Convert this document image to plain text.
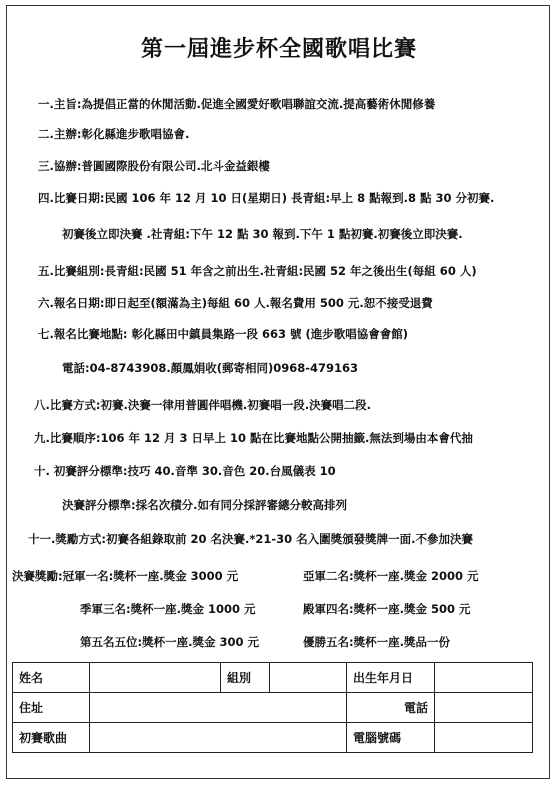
第一屆進步杯全國歌唱比賽
一.主旨:為提倡正當的休閒活動.促進全國愛好歌唱聯誼交流.提高藝術休閒修養
二.主辦:彰化縣進步歌唱協會.
三.協辦:普圓國際股份有限公司.北斗金益銀樓
四.比賽日期:民國 106 年 12 月 10 日(星期日) 長青組:早上 8 點報到.8 點 30 分初賽.
初賽後立即決賽 .社青組:下午 12 點 30 報到.下午 1 點初賽.初賽後立即決賽.
五.比賽組別:長青組:民國 51 年含之前出生.社青組:民國 52 年之後出生(每組 60 人)
六.報名日期:即日起至(額滿為主)每組 60 人.報名費用 500 元.恕不接受退費
七.報名比賽地點: 彰化縣田中鎮員集路一段 663 號 (進步歌唱協會會館)
電話:04-8743908.顏鳳娟收(郵寄相同)0968-479163
八.比賽方式:初賽.決賽一律用普圓伴唱機.初賽唱一段.決賽唱二段.
九.比賽順序:106 年 12 月 3 日早上 10 點在比賽地點公開抽籤.無法到場由本會代抽
十. 初賽評分標準:技巧 40.音準 30.音色 20.台風儀表 10
決賽評分標準:採名次積分.如有同分採評審總分較高排列
十一.獎勵方式:初賽各組錄取前 20 名決賽.*21-30 名入圍獎頒發獎牌一面.不參加決賽
決賽獎勵:冠軍一名:獎杯一座.獎金 3000 元	亞軍二名:獎杯一座.獎金 2000 元
季軍三名:獎杯一座.獎金 1000 元	殿軍四名:獎杯一座.獎金 500 元
第五名五位:獎杯一座.獎金 300 元	優勝五名:獎杯一座.獎品一份
姓名		組別		出生年月日	
住址				電話	
初賽歌曲				電腦號碼	
